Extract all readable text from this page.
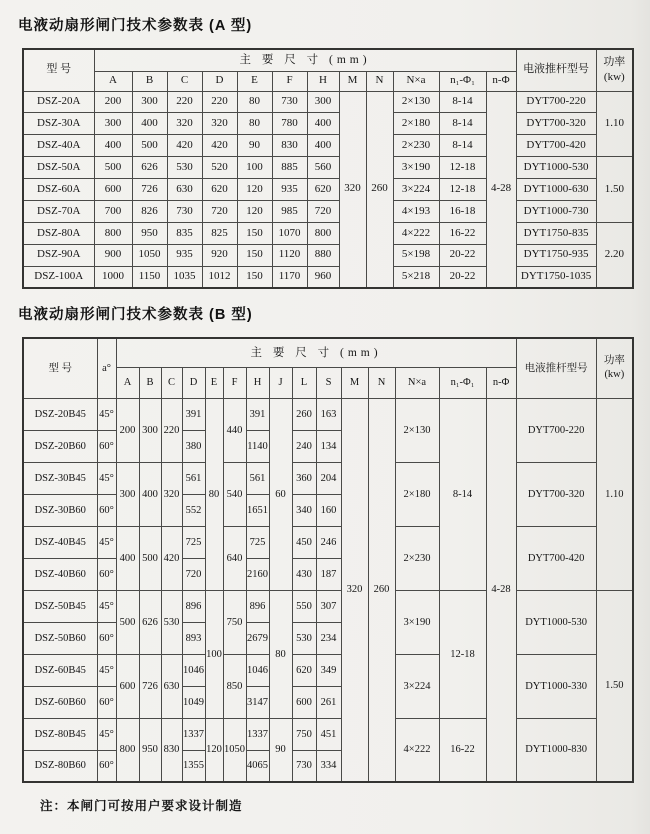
电液动扇形闸门技术参数表 (A 型)

型 号	主 要 尺 寸 (mm)												电液推杆型号	功率
(kw)

	A	B	C	D	E	F	H	M	N	N×a	n₁-Φ₁	n-Φ		
DSZ-20A	200	300	220	220	80	730	300	320	260	2×130	8-14	4-28	DYT700-220	1.10
DSZ-30A	300	400	320	320	80	780	400			2×180	8-14		DYT700-320	
DSZ-40A	400	500	420	420	90	830	400			2×230	8-14		DYT700-420	
DSZ-50A	500	626	530	520	100	885	560			3×190	12-18		DYT1000-530	1.50
DSZ-60A	600	726	630	620	120	935	620			3×224	12-18		DYT1000-630	
DSZ-70A	700	826	730	720	120	985	720			4×193	16-18		DYT1000-730	
DSZ-80A	800	950	835	825	150	1070	800			4×222	16-22		DYT1750-835	2.20
DSZ-90A	900	1050	935	920	150	1120	880			5×198	20-22		DYT1750-935	
DSZ-100A	1000	1150	1035	1012	150	1170	960			5×218	20-22		DYT1750-1035	

电液动扇形闸门技术参数表 (B 型)

型 号	a°	主 要 尺 寸 (mm)															电液推杆型号	功率
(kw)

		A	B	C	D	E	F	H	J	L	S	M	N	N×a	n₁-Φ₁	n-Φ		
DSZ-20B45	45°	200	300	220	391	80	440	391	60	260	163	320	260	2×130	8-14	4-28	DYT700-220	1.10
DSZ-20B60	60°				380			1140		240	134							
DSZ-30B45	45°	300	400	320	561		540	561		360	204			2×180			DYT700-320	
DSZ-30B60	60°				552			1651		340	160							
DSZ-40B45	45°	400	500	420	725		640	725		450	246			2×230			DYT700-420	
DSZ-40B60	60°				720			2160		430	187							
DSZ-50B45	45°	500	626	530	896	100	750	896	80	550	307			3×190	12-18		DYT1000-530	1.50
DSZ-50B60	60°				893			2679		530	234							
DSZ-60B45	45°	600	726	630	1046		850	1046		620	349			3×224			DYT1000-330	
DSZ-60B60	60°				1049			3147		600	261							
DSZ-80B45	45°	800	950	830	1337	120	1050	1337	90	750	451			4×222	16-22		DYT1000-830	
DSZ-80B60	60°				1355			4065		730	334							

注：本闸门可按用户要求设计制造
